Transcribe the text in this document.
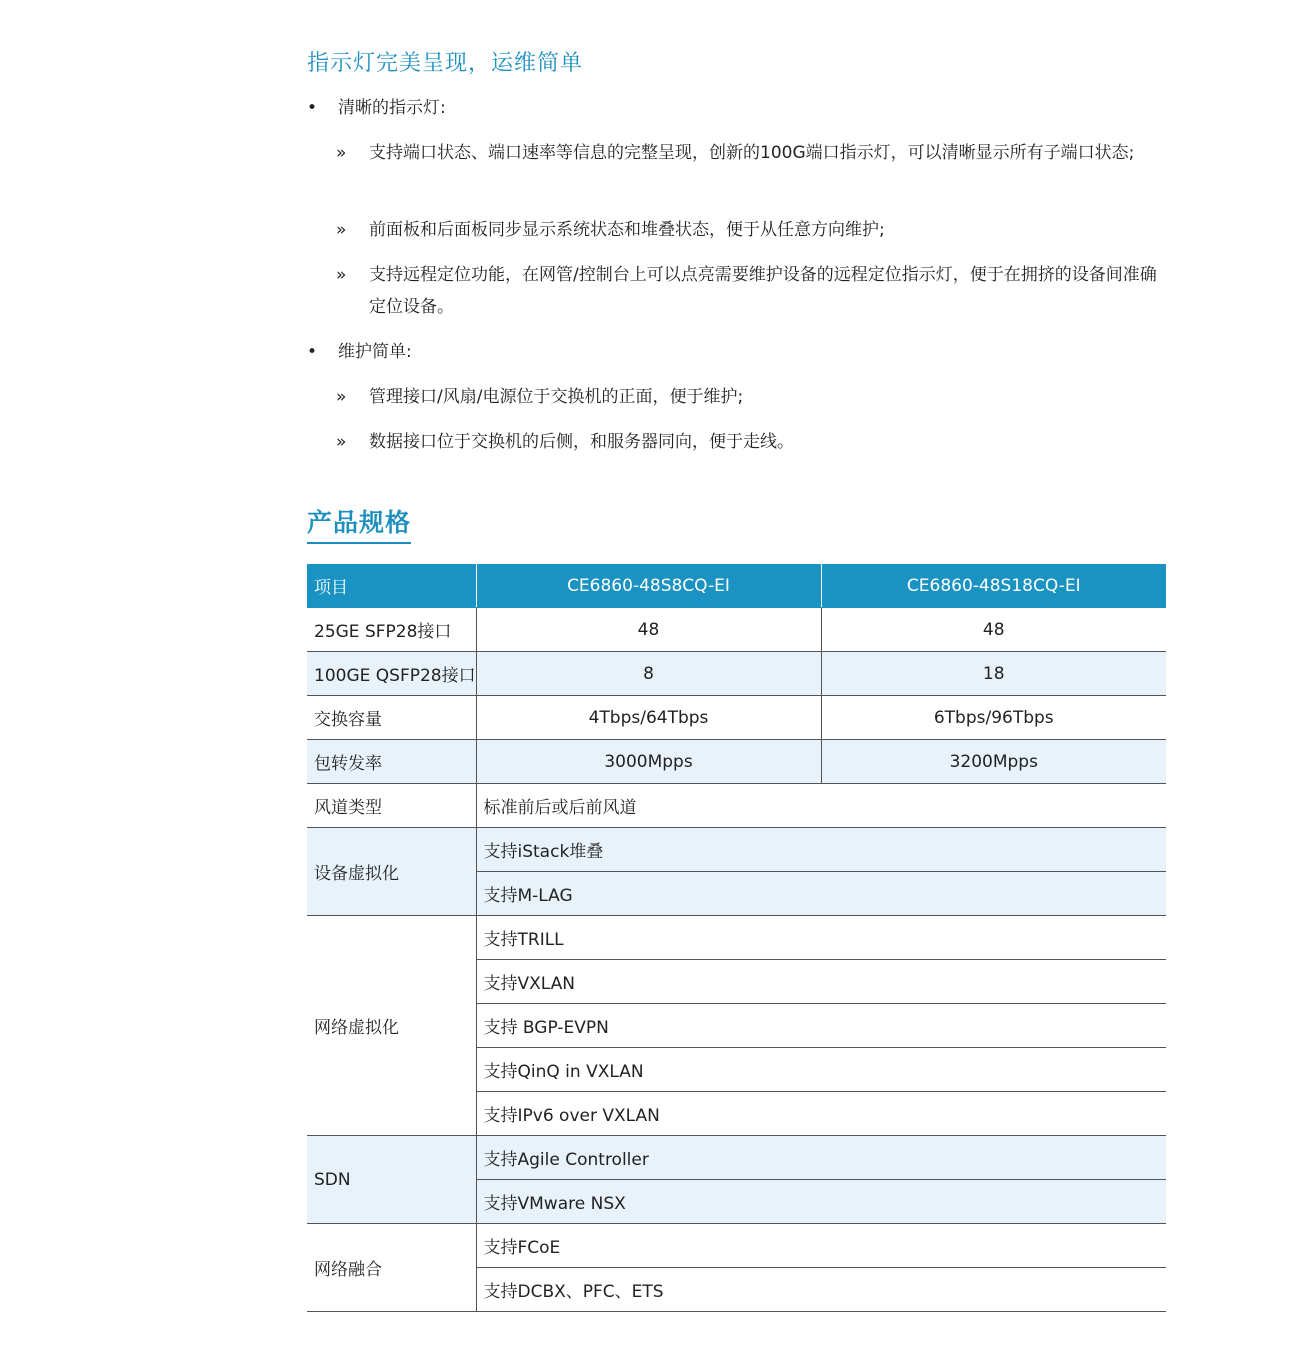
指示灯完美呈现，运维简单
•	清晰的指示灯:
» 支持端口状态、端口速率等信息的完整呈现，创新的100G端口指示灯，可以清晰显示所有子端口状态;
» 前面板和后面板同步显示系统状态和堆叠状态，便于从任意方向维护;
» 支持远程定位功能，在网管/控制台上可以点亮需要维护设备的远程定位指示灯，便于在拥挤的设备间准确定位设备。
•	维护简单:
» 管理接口/风扇/电源位于交换机的正面，便于维护;
» 数据接口位于交换机的后侧，和服务器同向，便于走线。
产品规格
项目	CE6860-48S8CQ-EI	CE6860-48S18CQ-EI
25GE SFP28接口	48	48
100GE QSFP28接口	8	18
交换容量	4Tbps/64Tbps	6Tbps/96Tbps
包转发率	3000Mpps	3200Mpps
风道类型	标准前后或后前风道	
设备虚拟化	支持iStack堆叠	
	支持M-LAG	
网络虚拟化	支持TRILL	
	支持VXLAN	
	支持 BGP-EVPN	
	支持QinQ in VXLAN	
	支持IPv6 over VXLAN	
SDN	支持Agile Controller	
	支持VMware NSX	
网络融合	支持FCoE	
	支持DCBX、PFC、ETS	
